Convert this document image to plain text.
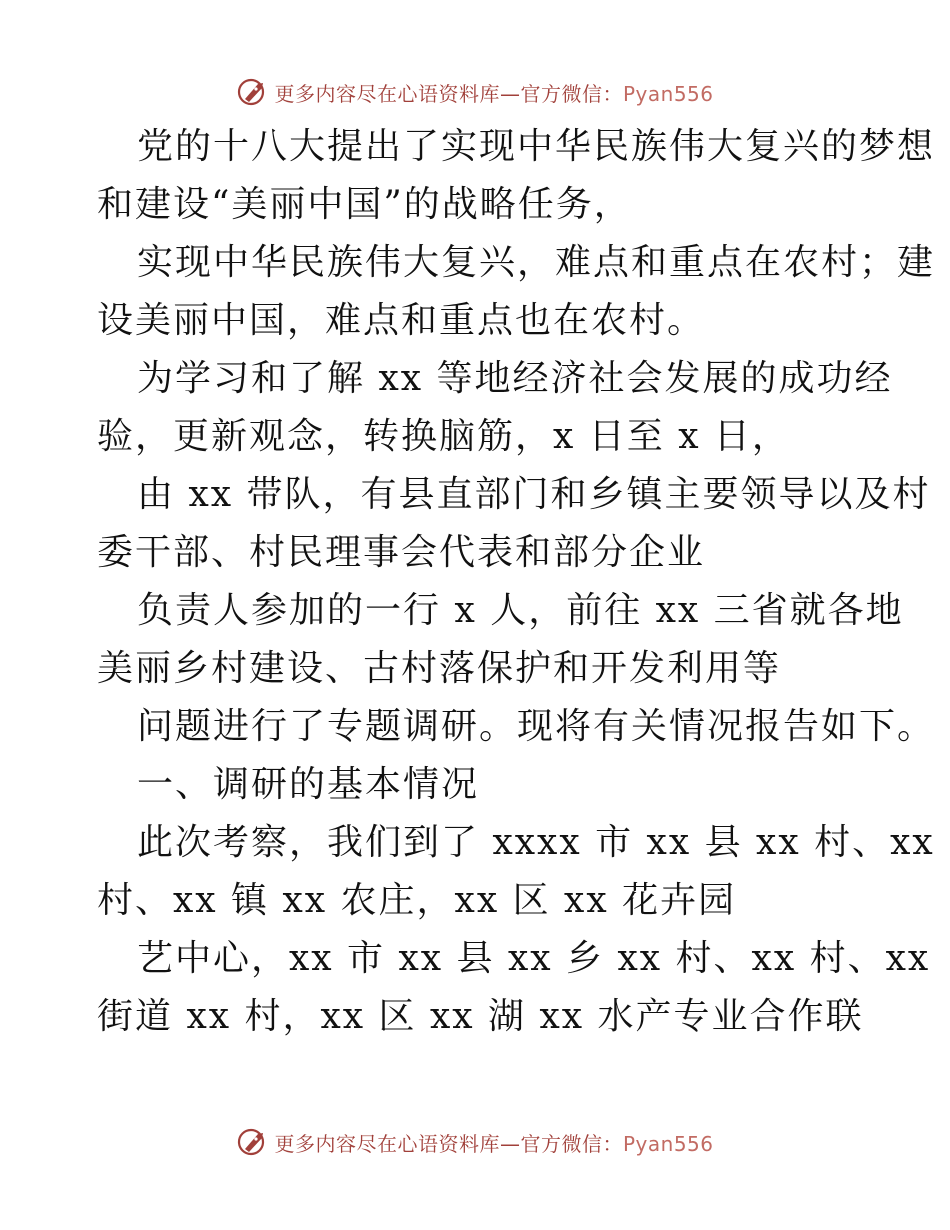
更多内容尽在心语资料库—官方微信：Pyan556
党的十八大提出了实现中华民族伟大复兴的梦想
和建设“美丽中国”的战略任务，
实现中华民族伟大复兴，难点和重点在农村；建
设美丽中国，难点和重点也在农村。
为学习和了解 xx 等地经济社会发展的成功经
验，更新观念，转换脑筋，x 日至 x 日，
由 xx 带队，有县直部门和乡镇主要领导以及村
委干部、村民理事会代表和部分企业
负责人参加的一行 x 人，前往 xx 三省就各地
美丽乡村建设、古村落保护和开发利用等
问题进行了专题调研。现将有关情况报告如下。
一、调研的基本情况
此次考察，我们到了 xxxx 市 xx 县 xx 村、xx
村、xx 镇 xx 农庄，xx 区 xx 花卉园
艺中心，xx 市 xx 县 xx 乡 xx 村、xx 村、xx
街道 xx 村，xx 区 xx 湖 xx 水产专业合作联
更多内容尽在心语资料库—官方微信：Pyan556
